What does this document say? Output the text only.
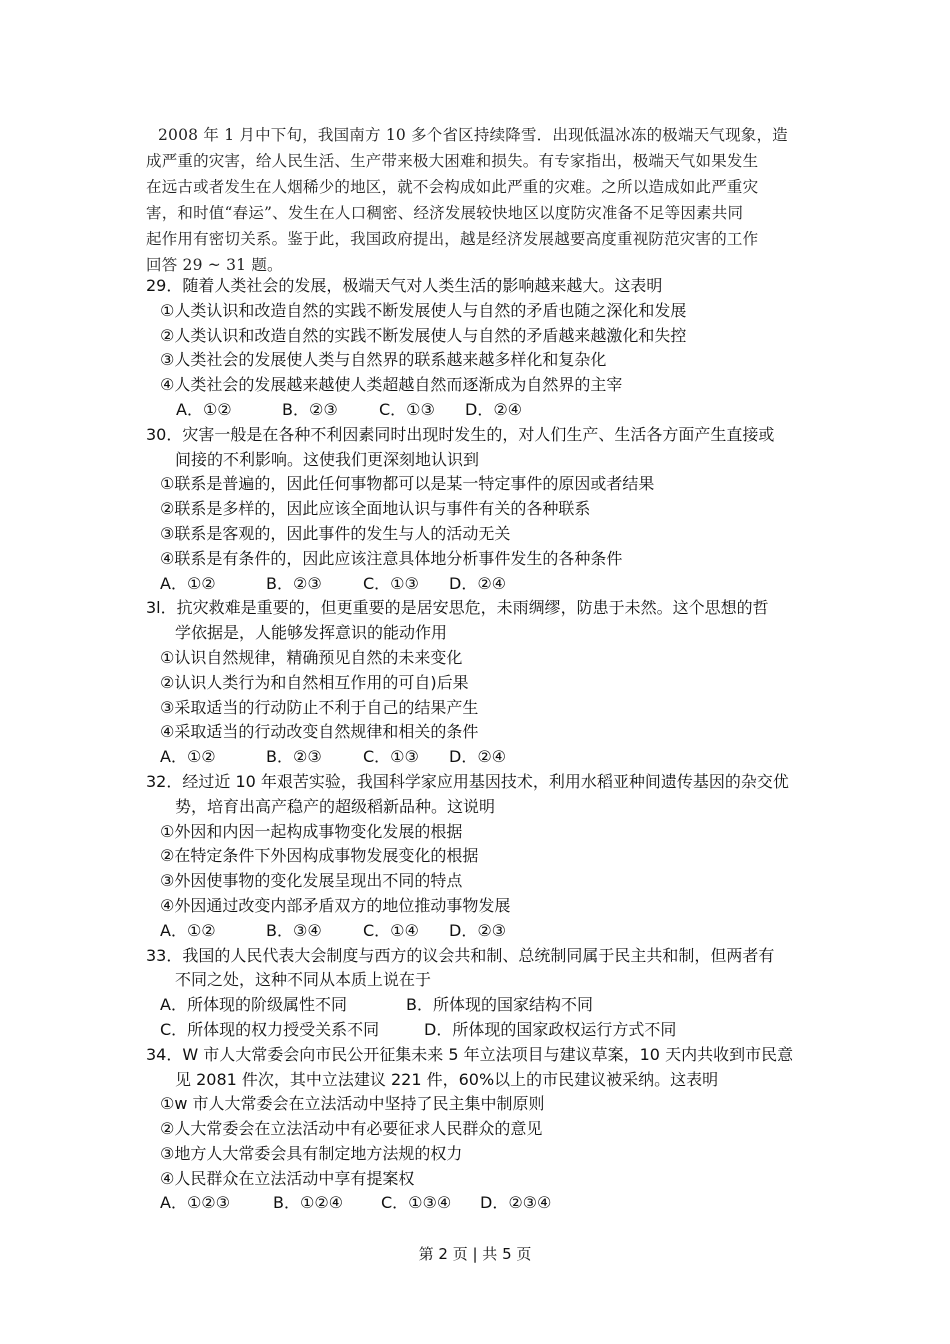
2008 年 1 月中下旬，我国南方 10 多个省区持续降雪．出现低温冰冻的极端天气现象，造
成严重的灾害，给人民生活、生产带来极大困难和损失。有专家指出，极端天气如果发生
在远古或者发生在人烟稀少的地区，就不会构成如此严重的灾难。之所以造成如此严重灾
害，和时值“春运”、发生在人口稠密、经济发展较快地区以度防灾准备不足等因素共同
起作用有密切关系。鉴于此，我国政府提出，越是经济发展越要高度重视防范灾害的工作
回答 29 ~ 31 题。
29．随着人类社会的发展，极端天气对人类生活的影响越来越大。这表明
①人类认识和改造自然的实践不断发展使人与自然的矛盾也随之深化和发展
②人类认识和改造自然的实践不断发展使人与自然的矛盾越来越激化和失控
③人类社会的发展使人类与自然界的联系越来越多样化和复杂化
④人类社会的发展越来越使人类超越自然而逐渐成为自然界的主宰
A．①②	B．②③	C．①③ D．②④
30．灾害一般是在各种不利因素同时出现时发生的，对人们生产、生活各方面产生直接或
间接的不利影响。这使我们更深刻地认识到
①联系是普遍的，因此任何事物都可以是某一特定事件的原因或者结果
②联系是多样的，因此应该全面地认识与事件有关的各种联系
③联系是客观的，因此事件的发生与人的活动无关
④联系是有条件的，因此应该注意具体地分析事件发生的各种条件
A．①②	B．②③	C．①③ D．②④
3l．抗灾救难是重要的，但更重要的是居安思危，未雨绸缪，防患于未然。这个思想的哲
学依据是，人能够发挥意识的能动作用
①认识自然规律，精确预见自然的未来变化
②认识人类行为和自然相互作用的可自)后果
③采取适当的行动防止不利于自己的结果产生
④采取适当的行动改变自然规律和相关的条件
A．①②	B．②③	C．①③ D．②④
32．经过近 10 年艰苦实验，我国科学家应用基因技术，利用水稻亚种间遗传基因的杂交优
势，培育出高产稳产的超级稻新品种。这说明
①外因和内因一起构成事物变化发展的根据
②在特定条件下外因构成事物发展变化的根据
③外因使事物的变化发展呈现出不同的特点
④外因通过改变内部矛盾双方的地位推动事物发展
A．①②	B．③④	C．①④ D．②③
33．我国的人民代表大会制度与西方的议会共和制、总统制同属于民主共和制，但两者有
不同之处，这种不同从本质上说在于
A．所体现的阶级属性不同	B．所体现的国家结构不同
C．所体现的权力授受关系不同	D．所体现的国家政权运行方式不同
34．W 市人大常委会向市民公开征集未来 5 年立法项目与建议草案，10 天内共收到市民意
见 2081 件次，其中立法建议 221 件，60%以上的市民建议被采纳。这表明
①w 市人大常委会在立法活动中坚持了民主集中制原则
②人大常委会在立法活动中有必要征求人民群众的意见
③地方人大常委会具有制定地方法规的权力
④人民群众在立法活动中享有提案权
A．①②③	B．①②④ C．①③④ D．②③④
第 2 页 | 共 5 页
